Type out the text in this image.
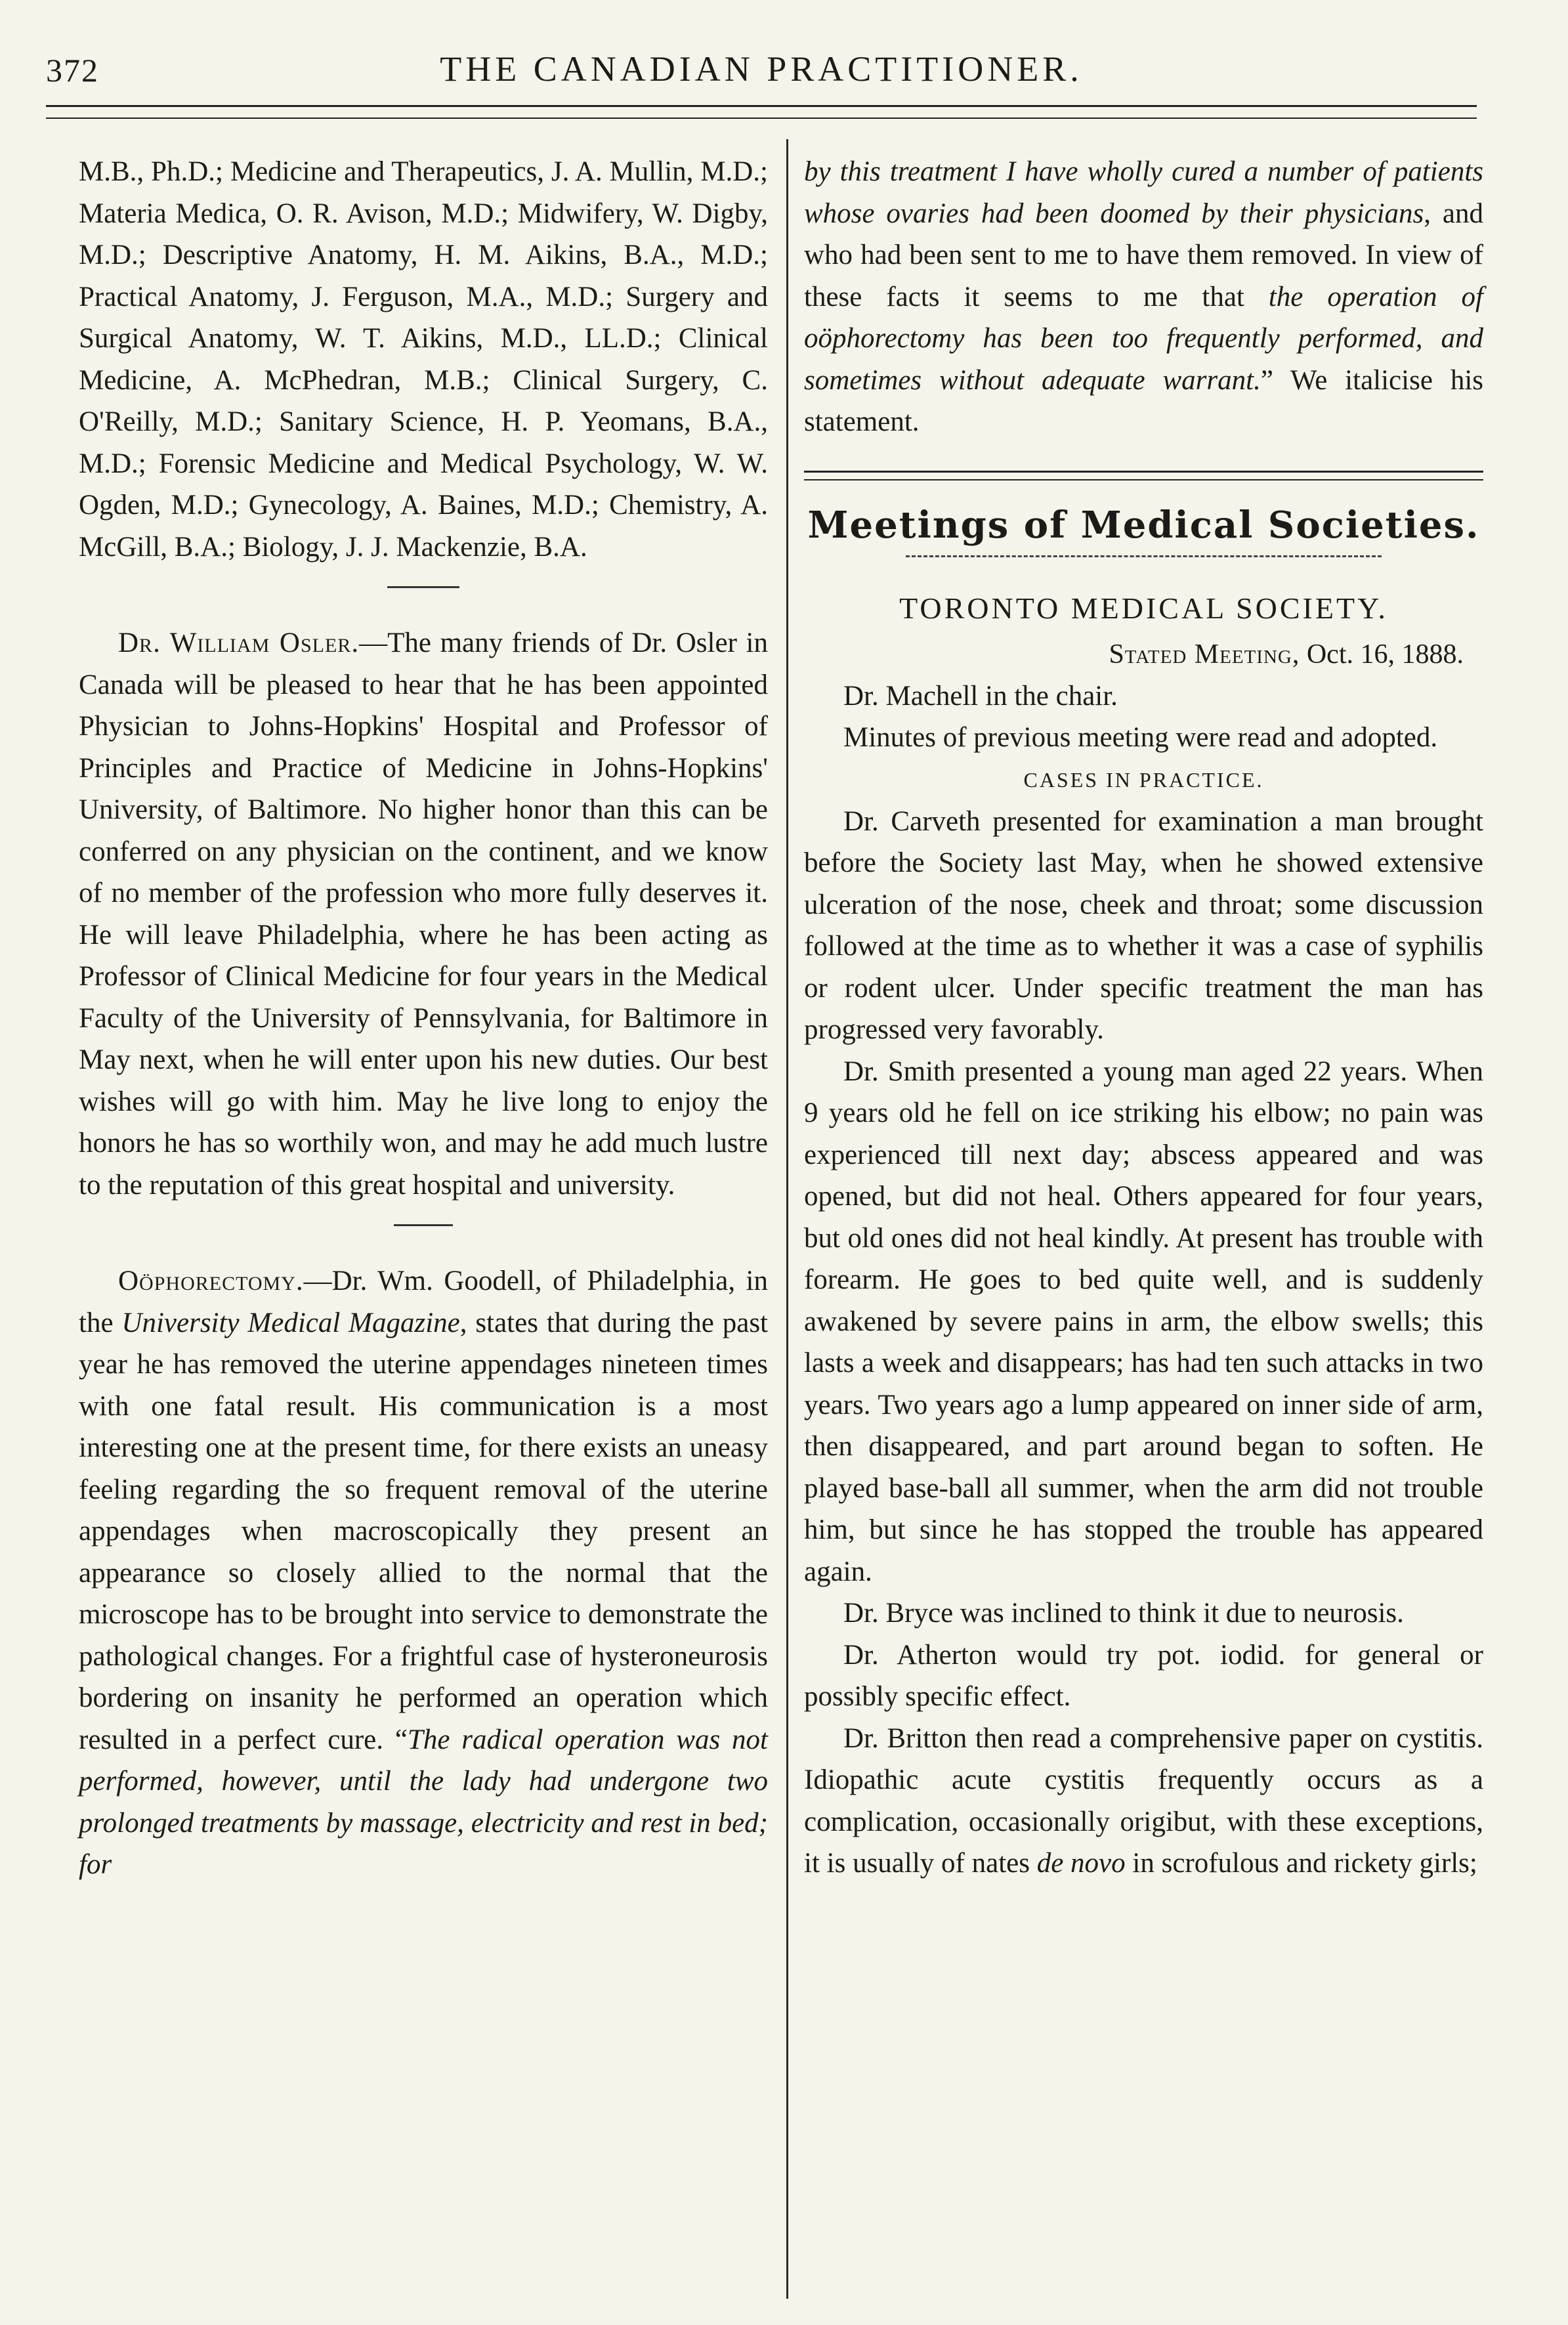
372	THE CANADIAN PRACTITIONER.

M.B., Ph.D.; Medicine and Therapeutics, J. A. Mullin, M.D.; Materia Medica, O. R. Avison, M.D.; Midwifery, W. Digby, M.D.; Descriptive Anatomy, H. M. Aikins, B.A., M.D.; Practical Anatomy, J. Ferguson, M.A., M.D.; Surgery and Surgical Anatomy, W. T. Aikins, M.D., LL.D.; Clinical Medicine, A. McPhedran, M.B.; Clinical Surgery, C. O'Reilly, M.D.; Sanitary Science, H. P. Yeomans, B.A., M.D.; Forensic Medicine and Medical Psychology, W. W. Ogden, M.D.; Gynecology, A. Baines, M.D.; Chemistry, A. McGill, B.A.; Biology, J. J. Mackenzie, B.A.

Dr. William Osler.—The many friends of Dr. Osler in Canada will be pleased to hear that he has been appointed Physician to Johns-Hopkins' Hospital and Professor of Principles and Practice of Medicine in Johns-Hopkins' University, of Baltimore. No higher honor than this can be conferred on any physician on the continent, and we know of no member of the profession who more fully deserves it. He will leave Philadelphia, where he has been acting as Professor of Clinical Medicine for four years in the Medical Faculty of the University of Pennsylvania, for Baltimore in May next, when he will enter upon his new duties. Our best wishes will go with him. May he live long to enjoy the honors he has so worthily won, and may he add much lustre to the reputation of this great hospital and university.

Oöphorectomy.—Dr. Wm. Goodell, of Philadelphia, in the University Medical Magazine, states that during the past year he has removed the uterine appendages nineteen times with one fatal result. His communication is a most interesting one at the present time, for there exists an uneasy feeling regarding the so frequent removal of the uterine appendages when macroscopically they present an appearance so closely allied to the normal that the microscope has to be brought into service to demonstrate the pathological changes. For a frightful case of hysteroneurosis bordering on insanity he performed an operation which resulted in a perfect cure. “The radical operation was not performed, however, until the lady had undergone two prolonged treatments by massage, electricity and rest in bed; for

by this treatment I have wholly cured a number of patients whose ovaries had been doomed by their physicians, and who had been sent to me to have them removed. In view of these facts it seems to me that the operation of oöphorectomy has been too frequently performed, and sometimes without adequate warrant.” We italicise his statement.

Meetings of Medical Societies.
TORONTO MEDICAL SOCIETY.
Stated Meeting, Oct. 16, 1888.

Dr. Machell in the chair.

Minutes of previous meeting were read and adopted.

CASES IN PRACTICE.

Dr. Carveth presented for examination a man brought before the Society last May, when he showed extensive ulceration of the nose, cheek and throat; some discussion followed at the time as to whether it was a case of syphilis or rodent ulcer. Under specific treatment the man has progressed very favorably.

Dr. Smith presented a young man aged 22 years. When 9 years old he fell on ice striking his elbow; no pain was experienced till next day; abscess appeared and was opened, but did not heal. Others appeared for four years, but old ones did not heal kindly. At present has trouble with forearm. He goes to bed quite well, and is suddenly awakened by severe pains in arm, the elbow swells; this lasts a week and disappears; has had ten such attacks in two years. Two years ago a lump appeared on inner side of arm, then disappeared, and part around began to soften. He played base-ball all summer, when the arm did not trouble him, but since he has stopped the trouble has appeared again.

Dr. Bryce was inclined to think it due to neurosis.

Dr. Atherton would try pot. iodid. for general or possibly specific effect.

Dr. Britton then read a comprehensive paper on cystitis. Idiopathic acute cystitis frequently occurs as a complication, occasionally origibut, with these exceptions, it is usually of nates de novo in scrofulous and rickety girls;
